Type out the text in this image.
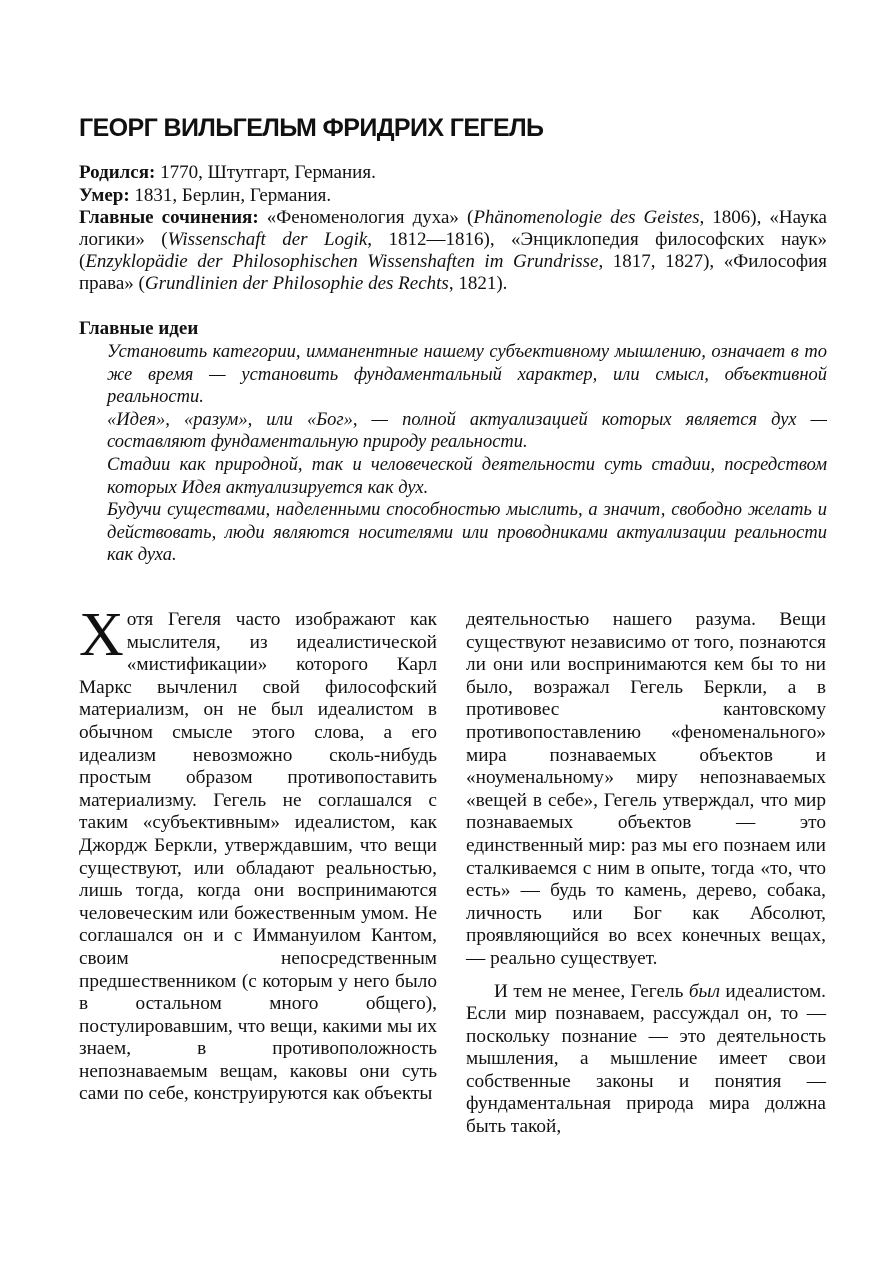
ГЕОРГ ВИЛЬГЕЛЬМ ФРИДРИХ ГЕГЕЛЬ
Родился: 1770, Штутгарт, Германия.
Умер: 1831, Берлин, Германия.
Главные сочинения: «Феноменология духа» (Phänomenologie des Geistes, 1806), «Наука логики» (Wissenschaft der Logik, 1812—1816), «Энциклопедия философских наук» (Enzyklopädie der Philosophischen Wissenshaften im Grundrisse, 1817, 1827), «Философия права» (Grundlinien der Philosophie des Rechts, 1821).
Главные идеи
Установить категории, имманентные нашему субъективному мышлению, означает в то же время — установить фундаментальный характер, или смысл, объективной реальности.
«Идея», «разум», или «Бог», — полной актуализацией которых является дух — составляют фундаментальную природу реальности.
Стадии как природной, так и человеческой деятельности суть стадии, посредством которых Идея актуализируется как дух.
Будучи существами, наделенными способностью мыслить, а значит, свободно желать и действовать, люди являются носителями или проводниками актуализации реальности как духа.

Хотя Гегеля часто изображают как мыслителя, из идеалистической «мистификации» которого Карл Маркс вычленил свой философский материализм, он не был идеалистом в обычном смысле этого слова, а его идеализм невозможно сколь-нибудь простым образом противопоставить материализму. Гегель не соглашался с таким «субъективным» идеалистом, как Джордж Беркли, утверждавшим, что вещи существуют, или обладают реальностью, лишь тогда, когда они воспринимаются человеческим или божественным умом. Не соглашался он и с Иммануилом Кантом, своим непосредственным предшественником (с которым у него было в остальном много общего), постулировавшим, что вещи, какими мы их знаем, в противоположность непознаваемым вещам, каковы они суть сами по себе, конструируются как объекты

деятельностью нашего разума. Вещи существуют независимо от того, познаются ли они или воспринимаются кем бы то ни было, возражал Гегель Беркли, а в противовес кантовскому противопоставлению «феноменального» мира познаваемых объектов и «ноуменальному» миру непознаваемых «вещей в себе», Гегель утверждал, что мир познаваемых объектов — это единственный мир: раз мы его познаем или сталкиваемся с ним в опыте, тогда «то, что есть» — будь то камень, дерево, собака, личность или Бог как Абсолют, проявляющийся во всех конечных вещах, — реально существует.

И тем не менее, Гегель был идеалистом. Если мир познаваем, рассуждал он, то — поскольку познание — это деятельность мышления, а мышление имеет свои собственные законы и понятия — фундаментальная природа мира должна быть такой,
